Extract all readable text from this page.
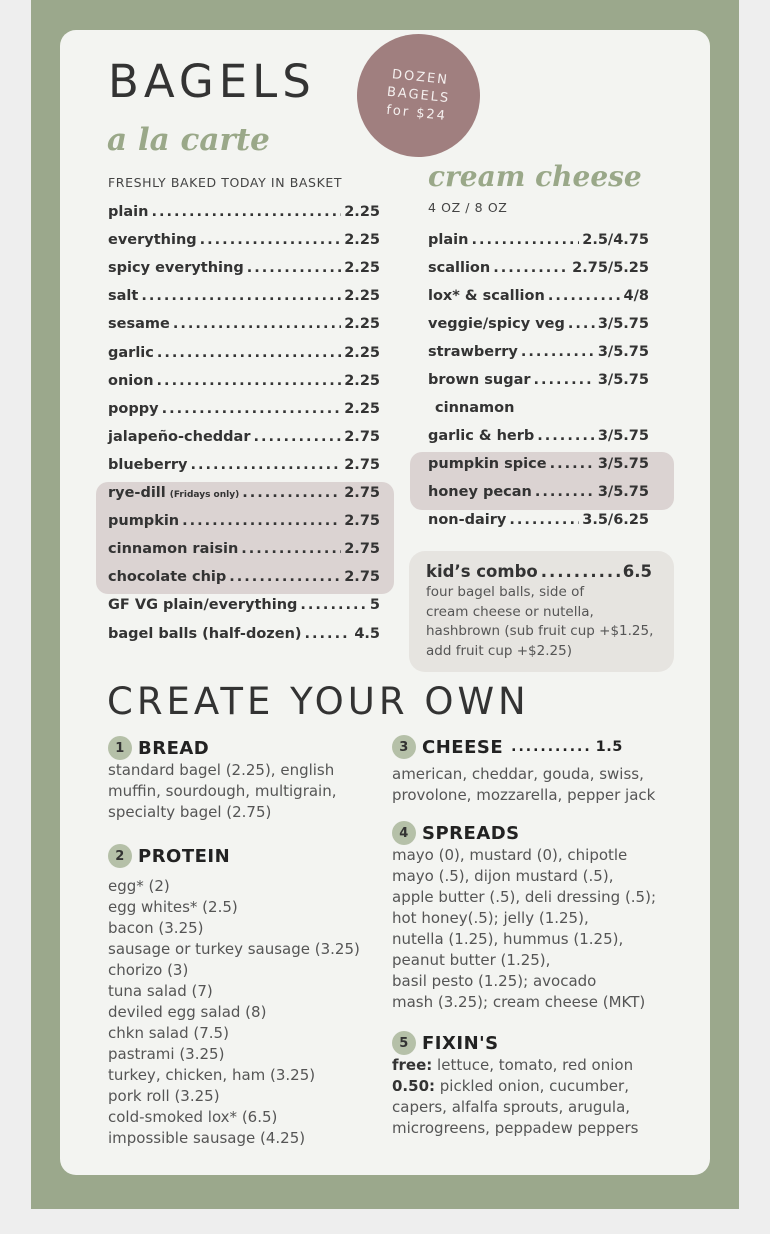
BAGELS
a la carte
FRESHLY BAKED TODAY IN BASKET
DOZEN
BAGELS
for $24
plain .....	2.25
everything .....	2.25
spicy everything .....	2.25
salt .....	2.25
sesame .....	2.25
garlic .....	2.25
onion .....	2.25
poppy .....	2.25
jalapeño-cheddar .....	2.75
blueberry .....	2.75
rye-dill (Fridays only) .....	2.75
pumpkin .....	2.75
cinnamon raisin .....	2.75
chocolate chip .....	2.75
GF VG plain/everything .....	5
bagel balls (half-dozen) .....	4.5
cream cheese
4 OZ / 8 OZ
plain .....	2.5/4.75
scallion .....	2.75/5.25
lox* & scallion .....	4/8
veggie/spicy veg ..... 3/5.75
strawberry .....	3/5.75
brown sugar .....	3/5.75
cinnamon
garlic & herb .....	3/5.75
pumpkin spice .....	3/5.75
honey pecan .....	3/5.75
non-dairy .....	3.5/6.25
kid’s combo .....	6.5
four bagel balls, side of
cream cheese or nutella,
hashbrown (sub fruit cup +$1.25,
add fruit cup +$2.25)
CREATE YOUR OWN
1 BREAD
standard bagel (2.25), english
muffin, sourdough, multigrain,
specialty bagel (2.75)
2 PROTEIN
egg* (2)
egg whites* (2.5)
bacon (3.25)
sausage or turkey sausage (3.25)
chorizo (3)
tuna salad (7)
deviled egg salad (8)
chkn salad (7.5)
pastrami (3.25)
turkey, chicken, ham (3.25)
pork roll (3.25)
cold-smoked lox* (6.5)
impossible sausage (4.25)
3 CHEESE ........... 1.5
american, cheddar, gouda, swiss,
provolone, mozzarella, pepper jack
4 SPREADS
mayo (0), mustard (0), chipotle
mayo (.5), dijon mustard (.5),
apple butter (.5), deli dressing (.5);
hot honey(.5); jelly (1.25),
nutella (1.25), hummus (1.25),
peanut butter (1.25),
basil pesto (1.25); avocado
mash (3.25); cream cheese (MKT)
5 FIXIN'S
free: lettuce, tomato, red onion
0.50: pickled onion, cucumber,
capers, alfalfa sprouts, arugula,
microgreens, peppadew peppers
